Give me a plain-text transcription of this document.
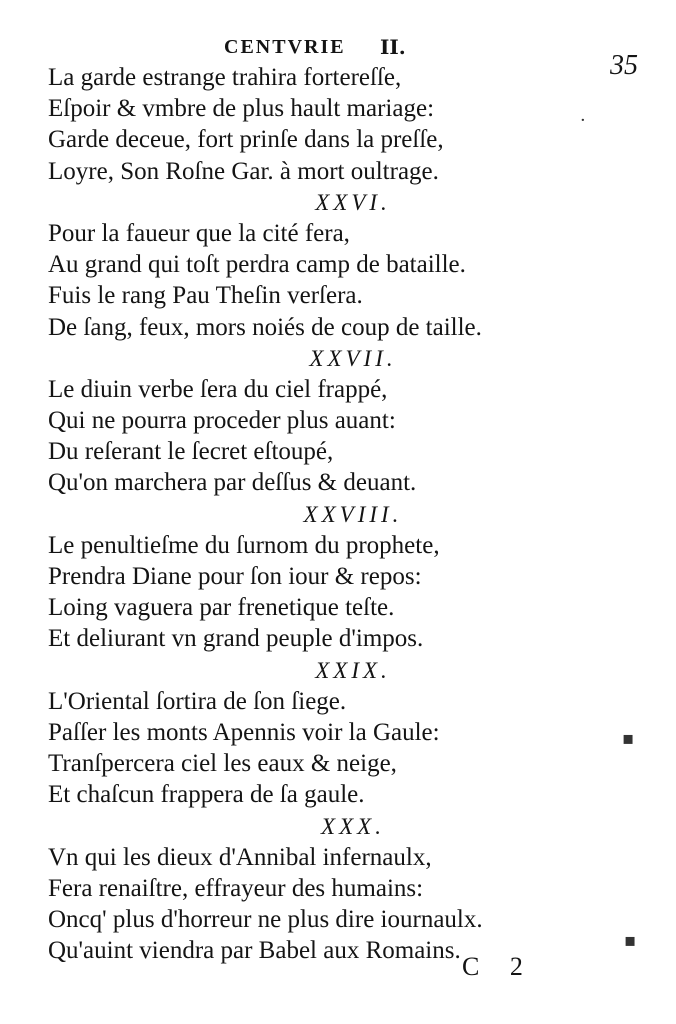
CENTVRIE II.
35
La garde estrange trahira fortereſſe,
Eſpoir & vmbre de plus hault mariage:
Garde deceue, fort prinſe dans la preſſe,
Loyre, Son Roſne Gar. à mort oultrage.
XXVI.
Pour la faueur que la cité fera,
Au grand qui toſt perdra camp de bataille.
Fuis le rang Pau Theſin verſera.
De ſang, feux, mors noiés de coup de taille.
XXVII.
Le diuin verbe ſera du ciel frappé,
Qui ne pourra proceder plus auant:
Du reſerant le ſecret eſtoupé,
Qu'on marchera par deſſus & deuant.
XXVIII.
Le penultieſme du ſurnom du prophete,
Prendra Diane pour ſon iour & repos:
Loing vaguera par frenetique teſte.
Et deliurant vn grand peuple d'impos.
XXIX.
L'Oriental ſortira de ſon ſiege.
Paſſer les monts Apennis voir la Gaule:
Tranſpercera ciel les eaux & neige,
Et chaſcun frappera de ſa gaule.
XXX.
Vn qui les dieux d'Annibal infernaulx,
Fera renaiſtre, effrayeur des humains:
Oncq' plus d'horreur ne plus dire iournaulx.
Qu'auint viendra par Babel aux Romains.
C 2
·
▪
▪
